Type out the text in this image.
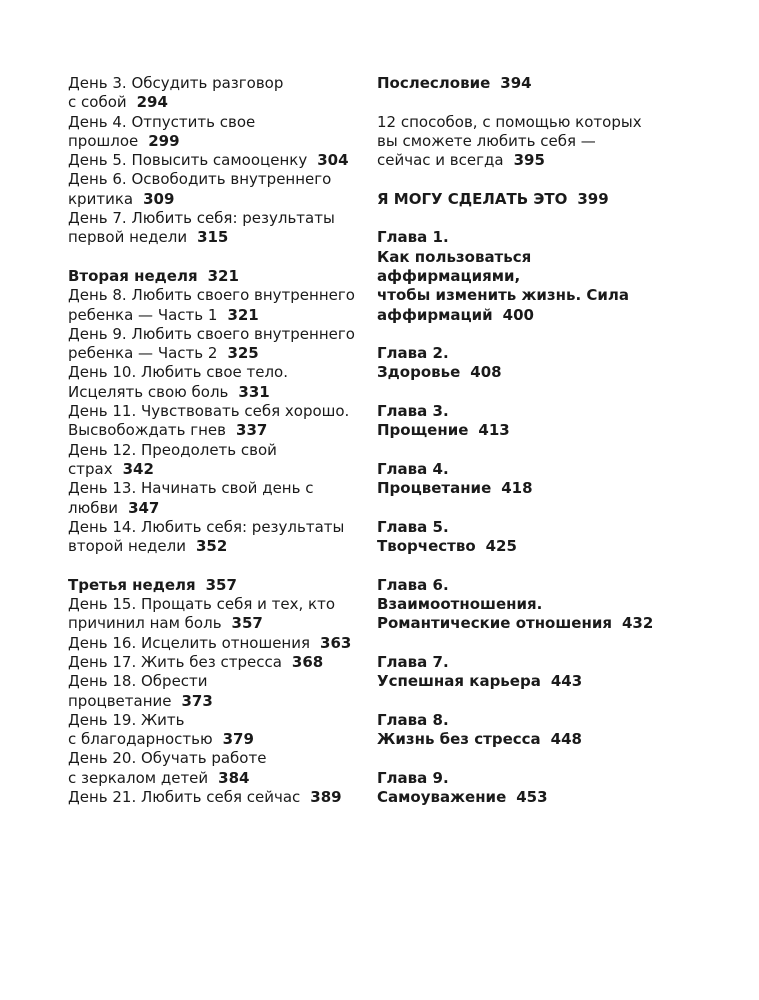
День 3. Обсудить разговор
с собой 294

День 4. Отпустить свое
прошлое 299

День 5. Повысить самооценку 304

День 6. Освободить внутреннего
критика 309

День 7. Любить себя: результаты
первой недели 315

Вторая неделя 321

День 8. Любить своего внутреннего
ребенка — Часть 1 321

День 9. Любить своего внутреннего
ребенка — Часть 2 325

День 10. Любить свое тело.
Исцелять свою боль 331

День 11. Чувствовать себя хорошо.
Высвобождать гнев 337

День 12. Преодолеть свой
страх 342

День 13. Начинать свой день с
любви 347

День 14. Любить себя: результаты
второй недели 352

Третья неделя 357

День 15. Прощать себя и тех, кто
причинил нам боль 357

День 16. Исцелить отношения 363

День 17. Жить без стресса 368

День 18. Обрести
процветание 373

День 19. Жить
с благодарностью 379

День 20. Обучать работе
с зеркалом детей 384

День 21. Любить себя сейчас 389

Послесловие 394

12 способов, с помощью которых
вы сможете любить себя —
сейчас и всегда 395

Я МОГУ СДЕЛАТЬ ЭТО 399

Глава 1.
Как пользоваться аффирмациями,
чтобы изменить жизнь. Сила
аффирмаций 400

Глава 2.
Здоровье 408

Глава 3.
Прощение 413

Глава 4.
Процветание 418

Глава 5.
Творчество 425

Глава 6.
Взаимоотношения.
Романтические отношения 432

Глава 7.
Успешная карьера 443

Глава 8.
Жизнь без стресса 448

Глава 9.
Самоуважение 453
